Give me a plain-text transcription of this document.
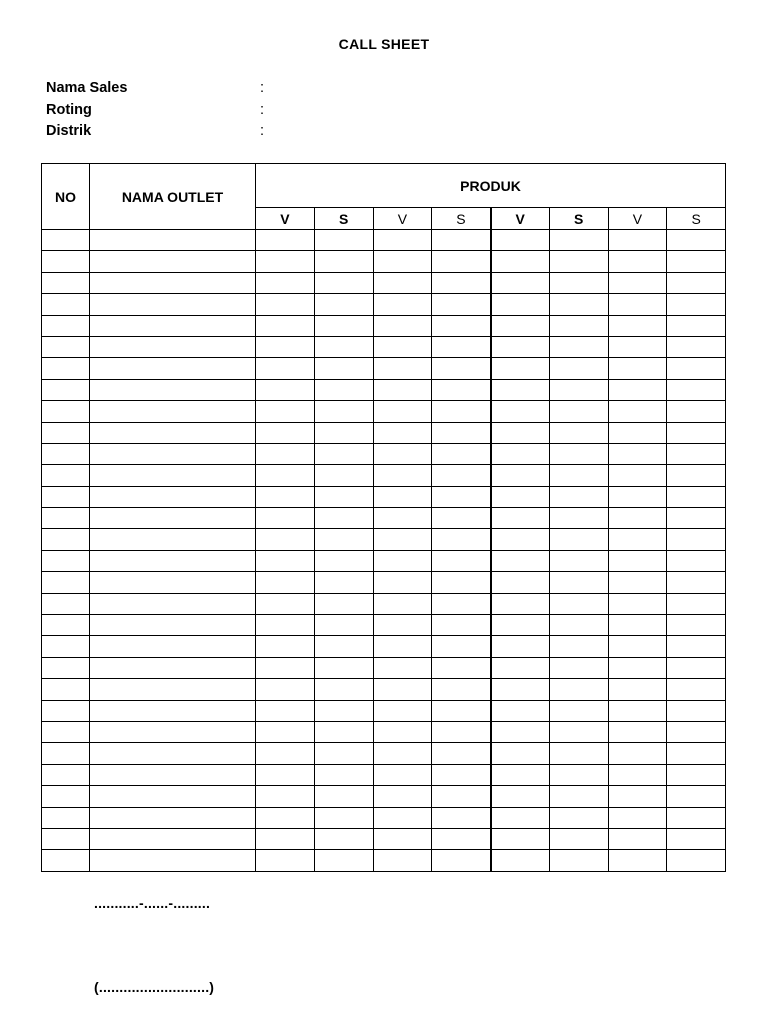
CALL SHEET
Nama Sales	:
Roting	:
Distrik	:
NO	NAMA OUTLET	PRODUK							
		V	S	V	S	V	S	V	S

...........-......-.........
(...........................)
